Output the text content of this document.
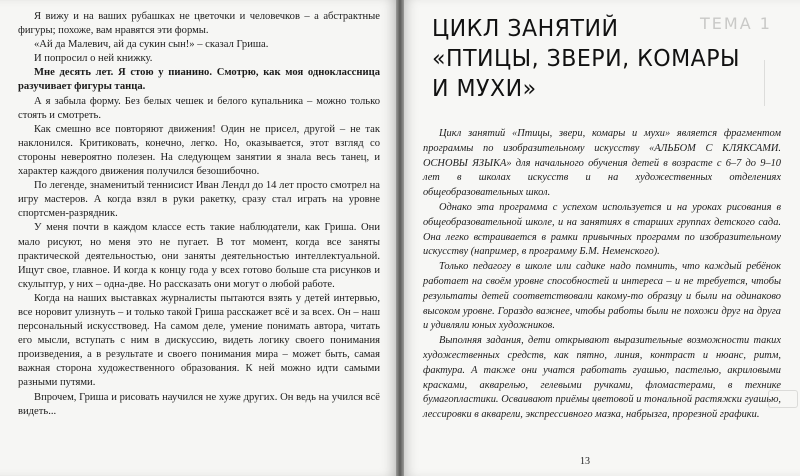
Я вижу и на ваших рубашках не цветочки и человечков – а абстрактные фигуры; похоже, вам нравятся эти формы.

«Ай да Малевич, ай да сукин сын!» – сказал Гриша.

И попросил о ней книжку.

Мне десять лет. Я стою у пианино. Смотрю, как моя одноклассница разучивает фигуры танца.

А я забыла форму. Без белых чешек и белого купальника – можно только стоять и смотреть.

Как смешно все повторяют движения! Один не присел, другой – не так наклонился. Критиковать, конечно, легко. Но, оказывается, этот взгляд со стороны невероятно полезен. На следующем занятии я знала весь танец, и характер каждого движения получился безошибочно.

По легенде, знаменитый теннисист Иван Лендл до 14 лет просто смотрел на игру мастеров. А когда взял в руки ракетку, сразу стал играть на уровне спортсмен-разрядник.

У меня почти в каждом классе есть такие наблюдатели, как Гриша. Они мало рисуют, но меня это не пугает. В тот момент, когда все заняты практической деятельностью, они заняты деятельностью интеллектуальной. Ищут свое, главное. И когда к концу года у всех готово больше ста рисунков и скульптур, у них – одна-две. Но рассказать они могут о любой работе.

Когда на наших выставках журналисты пытаются взять у детей интервью, все норовит улизнуть – и только такой Гриша расскажет всё и за всех. Он – наш персональный искусствовед. На самом деле, умение понимать автора, читать его мысли, вступать с ним в дискуссию, видеть логику своего понимания произведения, а в результате и своего понимания мира – может быть, самая важная сторона художественного образования. К ней можно идти самыми разными путями.

Впрочем, Гриша и рисовать научился не хуже других. Он ведь на учился всё видеть...

ТЕМА 1
ЦИКЛ ЗАНЯТИЙ
«ПТИЦЫ, ЗВЕРИ, КОМАРЫ
И МУХИ»

Цикл занятий «Птицы, звери, комары и мухи» является фрагментом программы по изобразительному искусству «АЛЬБОМ С КЛЯКСАМИ. ОСНОВЫ ЯЗЫКА» для начального обучения детей в возрасте с 6–7 до 9–10 лет в школах искусств и на художественных отделениях общеобразовательных школ.

Однако эта программа с успехом используется и на уроках рисования в общеобразовательной школе, и на занятиях в старших группах детского сада. Она легко встраивается в рамки привычных программ по изобразительному искусству (например, в программу Б.М. Неменского).

Только педагогу в школе или садике надо помнить, что каждый ребёнок работает на своём уровне способностей и интереса – и не требуется, чтобы результаты детей соответствовали какому-то образцу и были на одинаково высоком уровне. Гораздо важнее, чтобы работы были не похожи друг на друга и удивляли юных художников.

Выполняя задания, дети открывают выразительные возможности таких художественных средств, как пятно, линия, контраст и нюанс, ритм, фактура. А также они учатся работать гуашью, пастелью, акриловыми красками, акварелью, гелевыми ручками, фломастерами, в технике бумагопластики. Осваивают приёмы цветовой и тональной растяжки гуашью, лессировки в акварели, экспрессивного мазка, набрызга, прорезной графики.

13
